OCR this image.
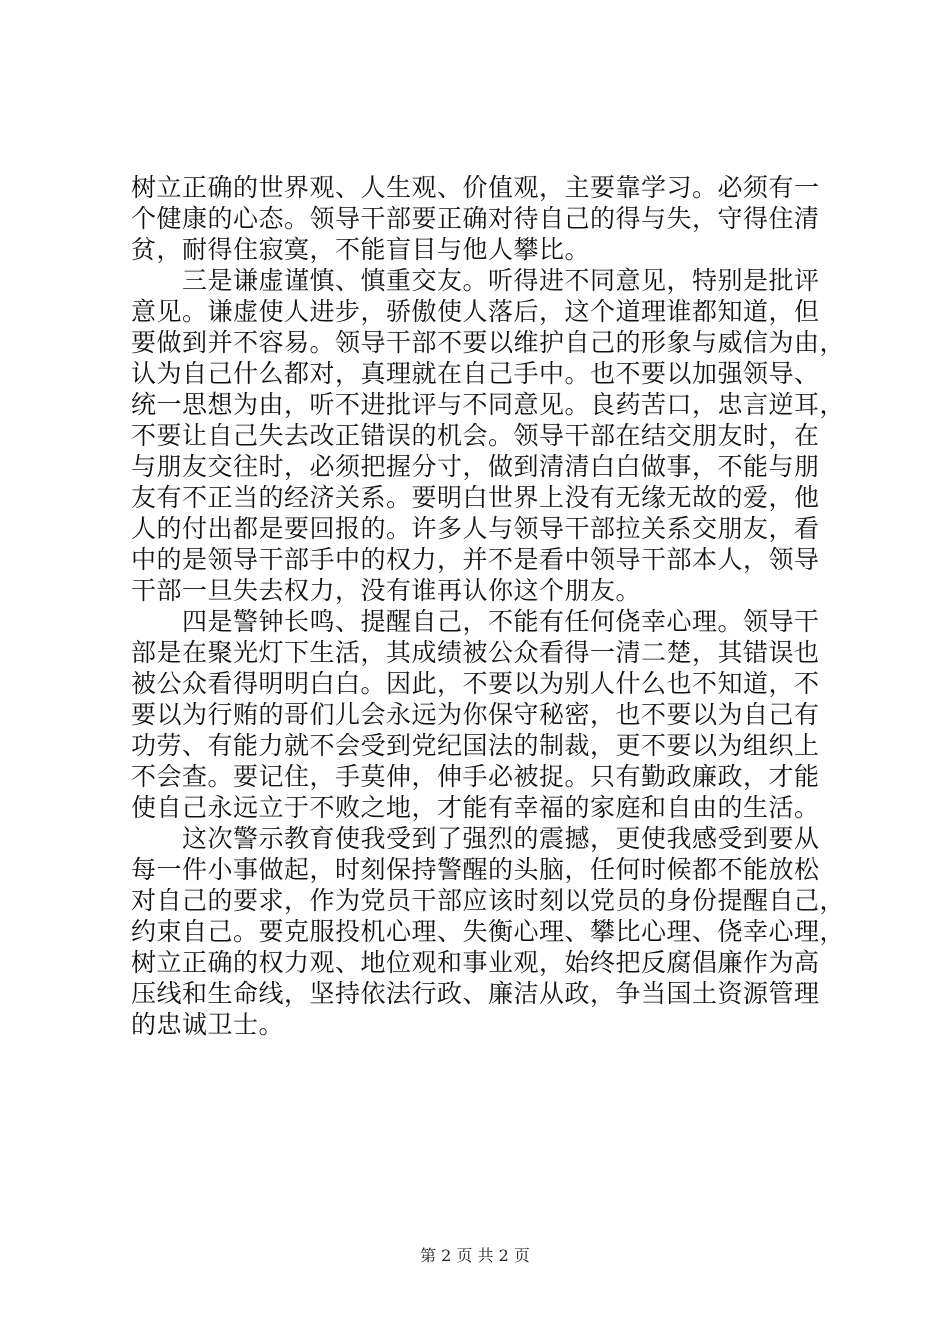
树立正确的世界观、人生观、价值观，主要靠学习。必须有一
个健康的心态。领导干部要正确对待自己的得与失，守得住清
贫，耐得住寂寞，不能盲目与他人攀比。
　　三是谦虚谨慎、慎重交友。听得进不同意见，特别是批评
意见。谦虚使人进步，骄傲使人落后，这个道理谁都知道，但
要做到并不容易。领导干部不要以维护自己的形象与威信为由，
认为自己什么都对，真理就在自己手中。也不要以加强领导、
统一思想为由，听不进批评与不同意见。良药苦口，忠言逆耳，
不要让自己失去改正错误的机会。领导干部在结交朋友时，在
与朋友交往时，必须把握分寸，做到清清白白做事，不能与朋
友有不正当的经济关系。要明白世界上没有无缘无故的爱，他
人的付出都是要回报的。许多人与领导干部拉关系交朋友，看
中的是领导干部手中的权力，并不是看中领导干部本人，领导
干部一旦失去权力，没有谁再认你这个朋友。
　　四是警钟长鸣、提醒自己，不能有任何侥幸心理。领导干
部是在聚光灯下生活，其成绩被公众看得一清二楚，其错误也
被公众看得明明白白。因此，不要以为别人什么也不知道，不
要以为行贿的哥们儿会永远为你保守秘密，也不要以为自己有
功劳、有能力就不会受到党纪国法的制裁，更不要以为组织上
不会查。要记住，手莫伸，伸手必被捉。只有勤政廉政，才能
使自己永远立于不败之地，才能有幸福的家庭和自由的生活。
　　这次警示教育使我受到了强烈的震撼，更使我感受到要从
每一件小事做起，时刻保持警醒的头脑，任何时候都不能放松
对自己的要求，作为党员干部应该时刻以党员的身份提醒自己，
约束自己。要克服投机心理、失衡心理、攀比心理、侥幸心理，
树立正确的权力观、地位观和事业观，始终把反腐倡廉作为高
压线和生命线，坚持依法行政、廉洁从政，争当国土资源管理
的忠诚卫士。
第 2 页 共 2 页
